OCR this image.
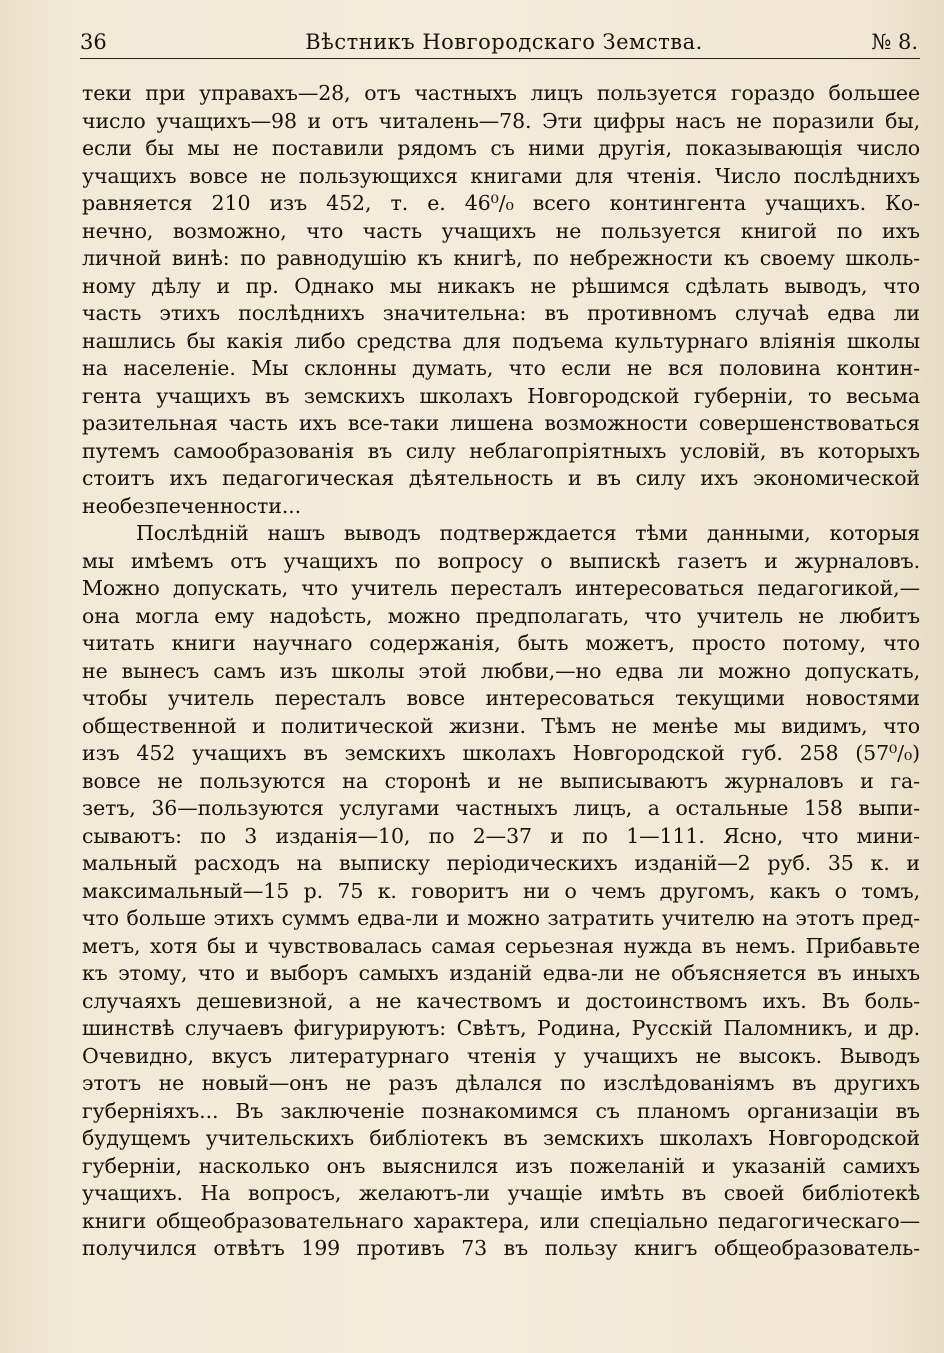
36	Вѣстникъ Новгородскаго Земства.	№ 8.
теки при управахъ—28, отъ частныхъ лицъ пользуется гораздо большее
число учащихъ—98 и отъ читалень—78. Эти цифры насъ не поразили бы,
если бы мы не поставили рядомъ съ ними другія, показывающія число
учащихъ вовсе не пользующихся книгами для чтенія. Число послѣднихъ
равняется 210 изъ 452, т. е. 46⁰/₀ всего контингента учащихъ. Ко-
нечно, возможно, что часть учащихъ не пользуется книгой по ихъ
личной винѣ: по равнодушію къ книгѣ, по небрежности къ своему школь-
ному дѣлу и пр. Однако мы никакъ не рѣшимся сдѣлать выводъ, что
часть этихъ послѣднихъ значительна: въ противномъ случаѣ едва ли
нашлись бы какія либо средства для подъема культурнаго вліянія школы
на населеніе. Мы склонны думать, что если не вся половина контин-
гента учащихъ въ земскихъ школахъ Новгородской губерніи, то весьма
разительная часть ихъ все-таки лишена возможности совершенствоваться
путемъ самообразованія въ силу неблагопріятныхъ условій, въ которыхъ
стоитъ ихъ педагогическая дѣятельность и въ силу ихъ экономической
необезпеченности...
Послѣдній нашъ выводъ подтверждается тѣми данными, которыя
мы имѣемъ отъ учащихъ по вопросу о выпискѣ газетъ и журналовъ.
Можно допускать, что учитель пересталъ интересоваться педагогикой,—
она могла ему надоѣсть, можно предполагать, что учитель не любитъ
читать книги научнаго содержанія, быть можетъ, просто потому, что
не вынесъ самъ изъ школы этой любви,—но едва ли можно допускать,
чтобы учитель пересталъ вовсе интересоваться текущими новостями
общественной и политической жизни. Тѣмъ не менѣе мы видимъ, что
изъ 452 учащихъ въ земскихъ школахъ Новгородской губ. 258 (57⁰/₀)
вовсе не пользуются на сторонѣ и не выписываютъ журналовъ и га-
зетъ, 36—пользуются услугами частныхъ лицъ, а остальные 158 выпи-
сываютъ: по 3 изданія—10, по 2—37 и по 1—111. Ясно, что мини-
мальный расходъ на выписку періодическихъ изданій—2 руб. 35 к. и
максимальный—15 р. 75 к. говоритъ ни о чемъ другомъ, какъ о томъ,
что больше этихъ суммъ едва-ли и можно затратить учителю на этотъ пред-
метъ, хотя бы и чувствовалась самая серьезная нужда въ немъ. Прибавьте
къ этому, что и выборъ самыхъ изданій едва-ли не объясняется въ иныхъ
случаяхъ дешевизной, а не качествомъ и достоинствомъ ихъ. Въ боль-
шинствѣ случаевъ фигурируютъ: Свѣтъ, Родина, Русскій Паломникъ, и др.
Очевидно, вкусъ литературнаго чтенія у учащихъ не высокъ. Выводъ
этотъ не новый—онъ не разъ дѣлался по изслѣдованіямъ въ другихъ
губерніяхъ... Въ заключеніе познакомимся съ планомъ организаціи въ
будущемъ учительскихъ библіотекъ въ земскихъ школахъ Новгородской
губерніи, насколько онъ выяснился изъ пожеланій и указаній самихъ
учащихъ. На вопросъ, желаютъ-ли учащіе имѣть въ своей библіотекѣ
книги общеобразовательнаго характера, или спеціально педагогическаго—
получился отвѣтъ 199 противъ 73 въ пользу книгъ общеобразователь-
